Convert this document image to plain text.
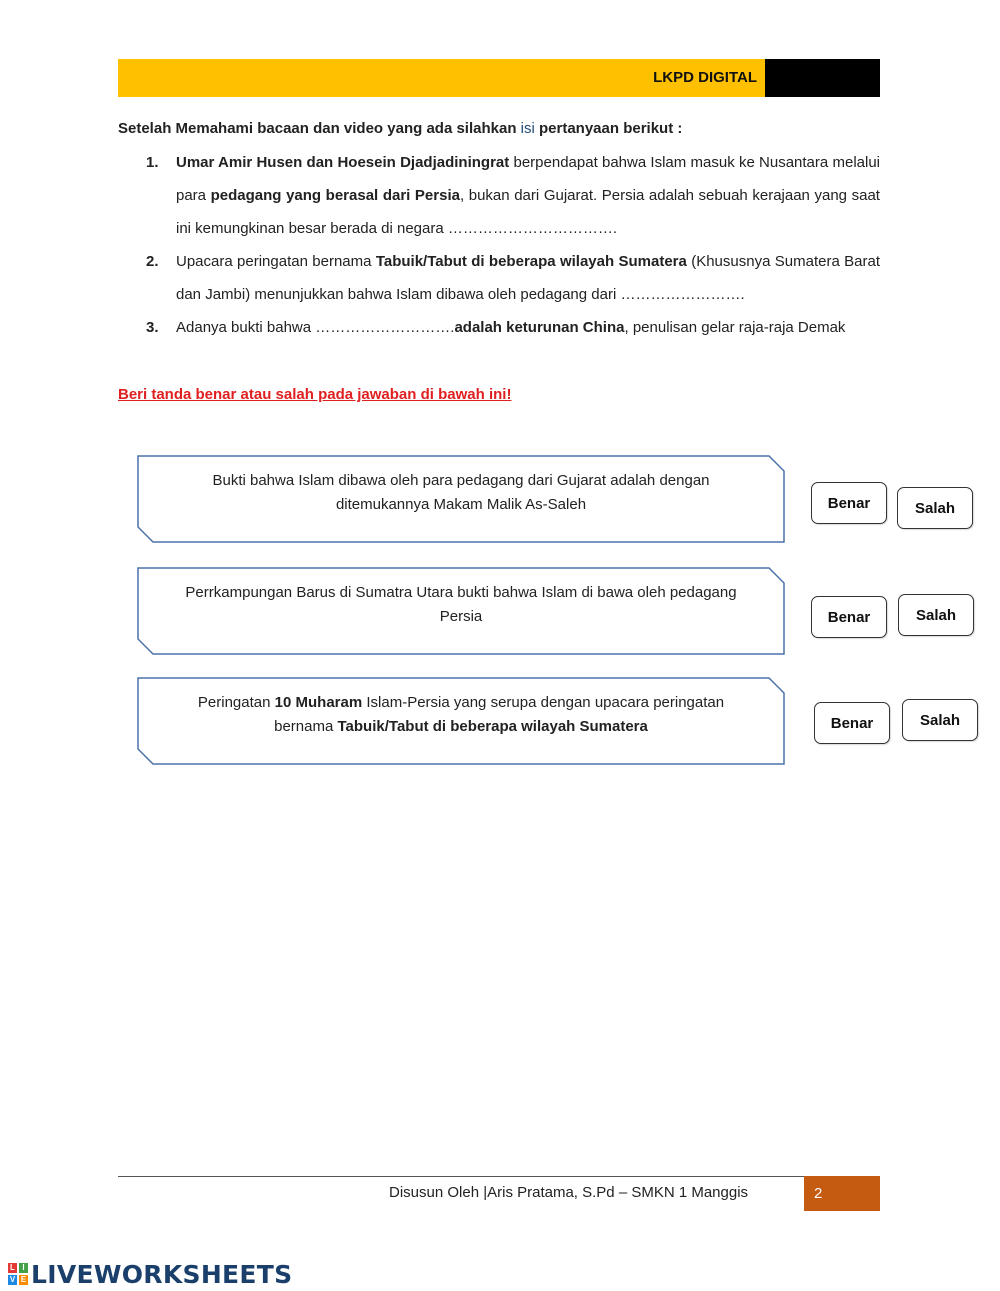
LKPD DIGITAL
Setelah Memahami bacaan dan video yang ada silahkan isi pertanyaan berikut :
1. Umar Amir Husen dan Hoesein Djadjadiningrat berpendapat bahwa Islam masuk ke Nusantara melalui para pedagang yang berasal dari Persia, bukan dari Gujarat. Persia adalah sebuah kerajaan yang saat ini kemungkinan besar berada di negara …………………………….
2. Upacara peringatan bernama Tabuik/Tabut di beberapa wilayah Sumatera (Khususnya Sumatera Barat dan Jambi) menunjukkan bahwa Islam dibawa oleh pedagang dari …………………….
3. Adanya bukti bahwa ……………………….adalah keturunan China, penulisan gelar raja-raja Demak
Beri tanda benar atau salah pada jawaban di bawah ini!
Bukti bahwa Islam dibawa oleh para pedagang dari Gujarat adalah dengan ditemukannya Makam Malik As-Saleh	Benar	Salah
Perrkampungan Barus di Sumatra Utara bukti bahwa Islam di bawa oleh pedagang Persia	Benar	Salah
Peringatan 10 Muharam Islam-Persia yang serupa dengan upacara peringatan bernama Tabuik/Tabut di beberapa wilayah Sumatera	Benar	Salah
Disusun Oleh |Aris Pratama, S.Pd – SMKN 1 Manggis	2
L I
V E LIVEWORKSHEETS
